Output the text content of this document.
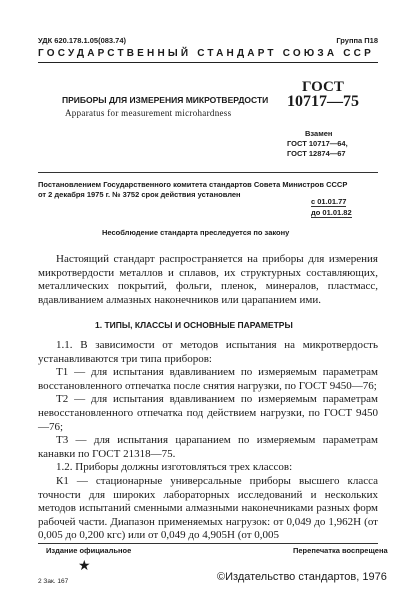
УДК 620.178.1.05(083.74)	Группа П18
ГОСУДАРСТВЕННЫЙ СТАНДАРТ СОЮЗА ССР
ПРИБОРЫ ДЛЯ ИЗМЕРЕНИЯ МИКРОТВЕРДОСТИ
Apparatus for measurement microhardness
ГОСТ
10717—75
Взамен
ГОСТ 10717—64,
ГОСТ 12874—67
Постановлением Государственного комитета стандартов Совета Министров СССР
от 2 декабря 1975 г. № 3752 срок действия установлен
с 01.01.77
до 01.01.82
Несоблюдение стандарта преследуется по закону

Настоящий стандарт распространяется на приборы для измерения микротвердости металлов и сплавов, их структурных составляющих, металлических покрытий, фольги, пленок, минералов, пластмасс, вдавливанием алмазных наконечников или царапанием ими.

1. ТИПЫ, КЛАССЫ И ОСНОВНЫЕ ПАРАМЕТРЫ

1.1. В зависимости от методов испытания на микротвердость устанавливаются три типа приборов:

Т1 — для испытания вдавливанием по измеряемым параметрам восстановленного отпечатка после снятия нагрузки, по ГОСТ 9450—76;

Т2 — для испытания вдавливанием по измеряемым параметрам невосстановленного отпечатка под действием нагрузки, по ГОСТ 9450—76;

Т3 — для испытания царапанием по измеряемым параметрам канавки по ГОСТ 21318—75.

1.2. Приборы должны изготовляться трех классов:

К1 — стационарные универсальные приборы высшего класса точности для широких лабораторных исследований и нескольких методов испытаний сменными алмазными наконечниками разных форм рабочей части. Диапазон применяемых нагрузок: от 0,049 до 1,962Н (от 0,005 до 0,200 кгс) или от 0,049 до 4,905Н (от 0,005

Издание официальное	Перепечатка воспрещена
★
2 Зак. 167	©Издательство стандартов, 1976
